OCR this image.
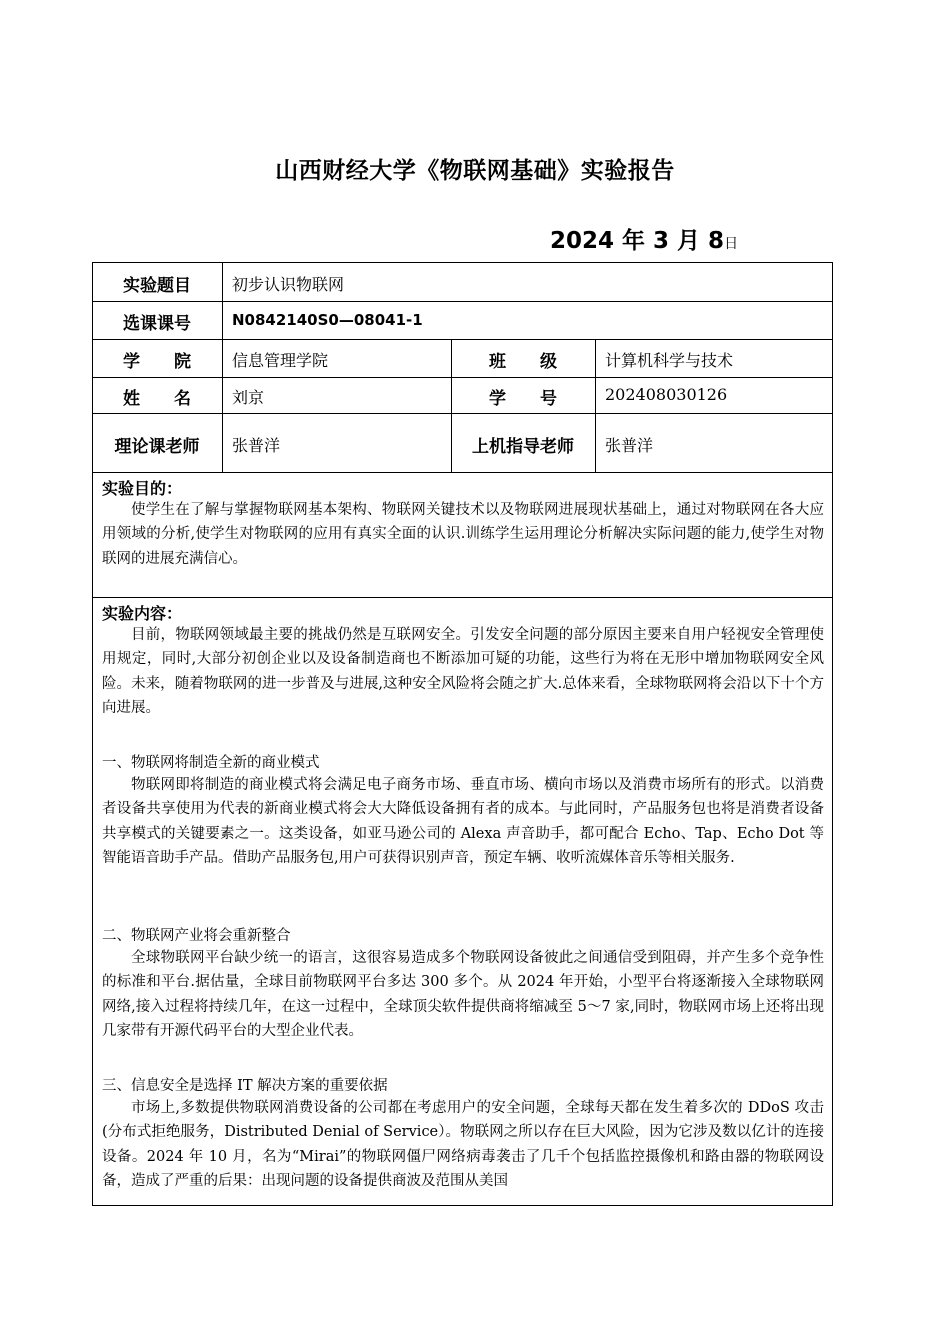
山西财经大学《物联网基础》实验报告
2024 年 3 月 8日
实验题目	初步认识物联网
选课课号	N0842140S0—08041-1
学　　院	信息管理学院	班　　级	计算机科学与技术
姓　　名	刘京	学　　号	202408030126
理论课老师	张普洋	上机指导老师	张普洋
实验目的：

使学生在了解与掌握物联网基本架构、物联网关键技术以及物联网进展现状基础上，通过对物联网在各大应用领域的分析,使学生对物联网的应用有真实全面的认识.训练学生运用理论分析解决实际问题的能力,使学生对物联网的进展充满信心。

实验内容：

目前，物联网领域最主要的挑战仍然是互联网安全。引发安全问题的部分原因主要来自用户轻视安全管理使用规定，同时,大部分初创企业以及设备制造商也不断添加可疑的功能，这些行为将在无形中增加物联网安全风险。未来，随着物联网的进一步普及与进展,这种安全风险将会随之扩大.总体来看，全球物联网将会沿以下十个方向进展。

一、物联网将制造全新的商业模式

物联网即将制造的商业模式将会满足电子商务市场、垂直市场、横向市场以及消费市场所有的形式。以消费者设备共享使用为代表的新商业模式将会大大降低设备拥有者的成本。与此同时，产品服务包也将是消费者设备共享模式的关键要素之一。这类设备，如亚马逊公司的 Alexa 声音助手，都可配合 Echo、Tap、Echo Dot 等智能语音助手产品。借助产品服务包,用户可获得识别声音，预定车辆、收听流媒体音乐等相关服务.

二、物联网产业将会重新整合

全球物联网平台缺少统一的语言，这很容易造成多个物联网设备彼此之间通信受到阻碍，并产生多个竞争性的标准和平台.据估量，全球目前物联网平台多达 300 多个。从 2024 年开始，小型平台将逐渐接入全球物联网网络,接入过程将持续几年，在这一过程中，全球顶尖软件提供商将缩减至 5～7 家,同时，物联网市场上还将出现几家带有开源代码平台的大型企业代表。

三、信息安全是选择 IT 解决方案的重要依据

市场上,多数提供物联网消费设备的公司都在考虑用户的安全问题，全球每天都在发生着多次的 DDoS 攻击(分布式拒绝服务，Distributed Denial of Service）。物联网之所以存在巨大风险，因为它涉及数以亿计的连接设备。2024 年 10 月，名为“Mirai”的物联网僵尸网络病毒袭击了几千个包括监控摄像机和路由器的物联网设备，造成了严重的后果：出现问题的设备提供商波及范围从美国
